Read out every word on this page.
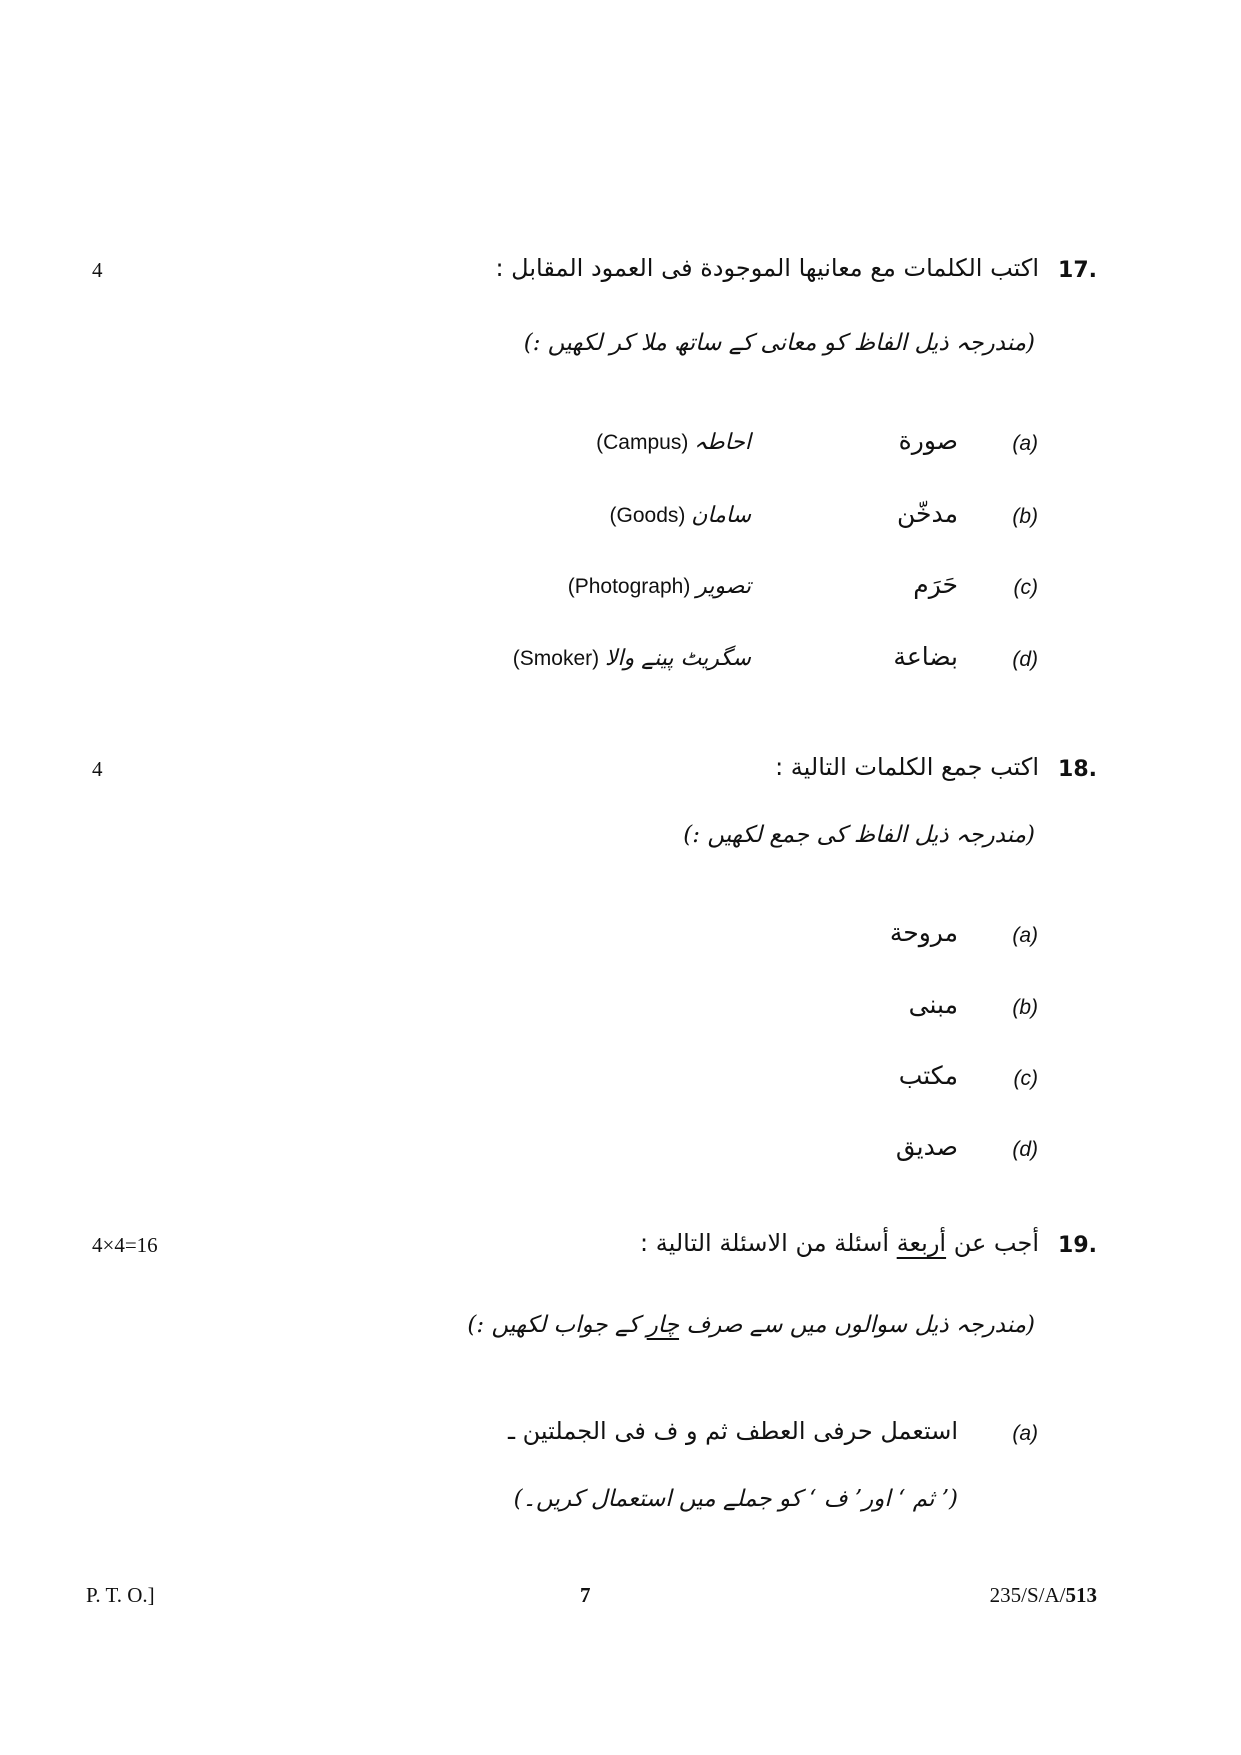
4	17.
اكتب الكلمات مع معانيها الموجودة فى العمود المقابل :
(مندرجہ ذیل الفاظ کو معانی کے ساتھ ملا کر لکھیں :)
(a)
صورة
احاطہ (Campus)
(b)
مدخّن
سامان (Goods)
(c)
حَرَم
تصویر (Photograph)
(d)
بضاعة
سگریٹ پینے والا (Smoker)
4	18.
اكتب جمع الكلمات التالية :
(مندرجہ ذیل الفاظ کی جمع لکھیں :)
(a)
مروحة
(b)
مبنى
(c)
مكتب
(d)
صديق
4×4=16	19.
أجب عن أربعة أسئلة من الاسئلة التالية :
(مندرجہ ذیل سوالوں میں سے صرف چار کے جواب لکھیں :)
(a)
استعمل حرفى العطف ثم و ف فى الجملتين ـ
(’ ثم ‘ اور’ ف ‘ کو جملے میں استعمال کریں۔)
P. T. O.]	7	235/S/A/513
